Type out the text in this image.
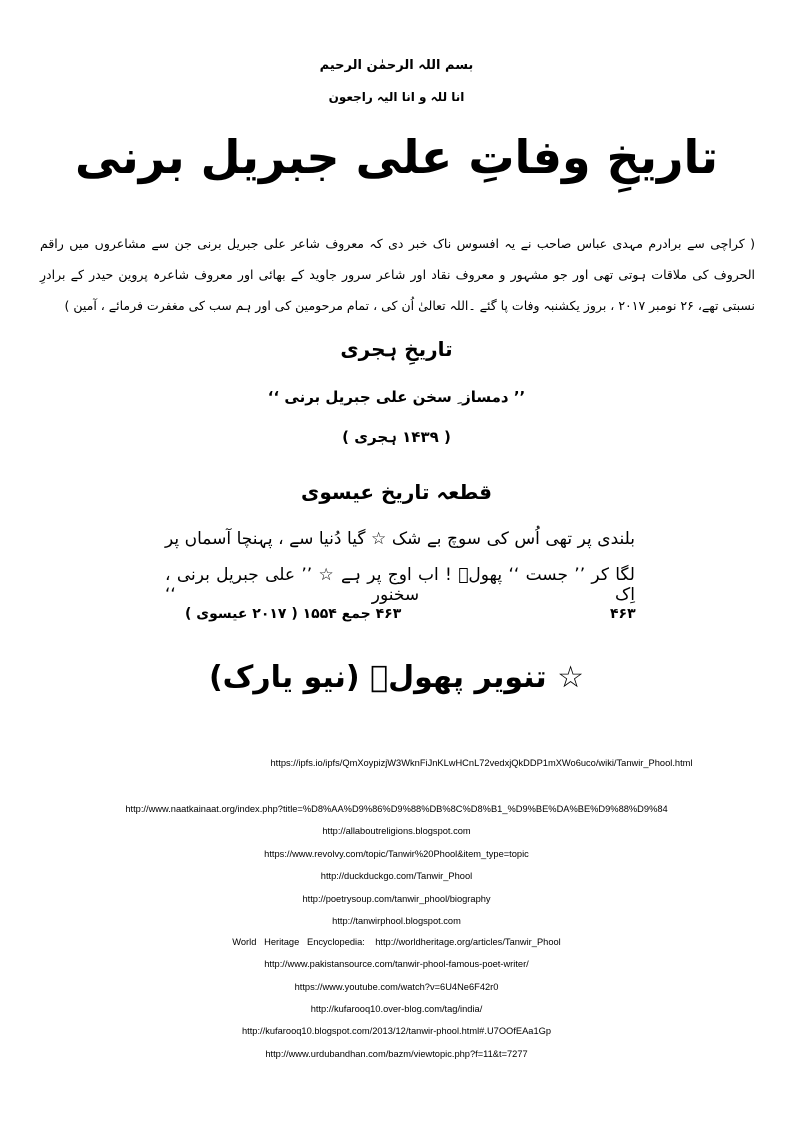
بسم اللہ الرحمٰن الرحیم
انا للہ و انا الیہ راجعون
تاریخِ وفاتِ علی جبریل برنی
( کراچی سے برادرم مہدی عباس صاحب نے یہ افسوس ناک خبر دی کہ معروف شاعر علی جبریل برنی جن سے مشاعروں میں راقم الحروف کی ملاقات ہوتی تھی اور جو مشہور و معروف نقاد اور شاعر سرور جاوید کے بھائی اور معروف شاعرہ پروین حیدر کے برادرِ نسبتی تھے، ۲۶ نومبر ۲۰۱۷ ، بروز یکشنبہ وفات پا گئے ۔اللہ تعالیٰ اُن کی ، تمام مرحومین کی اور ہم سب کی مغفرت فرمائے ، آمین )
تاریخِ ہجری
’’ دمساز ِ سخن علی جبریل برنی ‘‘
( ۱۴۳۹ ہجری )
قطعہ تاریخ عیسوی
بلندی پر تھی اُس کی سوچ بے شک ☆ گیا دُنیا سے ، پہنچا آسماں پر
لگا کر ’’ جست ‘‘ پھولؔ ! اب اوج پر ہے ☆ ’’ علی جبریل برنی ، اِک سخنور ‘‘
۴۶۳ جمع ۱۵۵۴ ( ۲۰۱۷ عیسوی )	۴۶۳
☆ تنویر پھولؔ (نیو یارک)
https://ipfs.io/ipfs/QmXoypizjW3WknFiJnKLwHCnL72vedxjQkDDP1mXWo6uco/wiki/Tanwir_Phool.html
http://www.naatkainaat.org/index.php?title=%D8%AA%D9%86%D9%88%DB%8C%D8%B1_%D9%BE%DA%BE%D9%88%D9%84
http://allaboutreligions.blogspot.com
https://www.revolvy.com/topic/Tanwir%20Phool&item_type=topic
http://duckduckgo.com/Tanwir_Phool
http://poetrysoup.com/tanwir_phool/biography
http://tanwirphool.blogspot.com
World   Heritage   Encyclopedia:    http://worldheritage.org/articles/Tanwir_Phool
http://www.pakistansource.com/tanwir-phool-famous-poet-writer/
https://www.youtube.com/watch?v=6U4Ne6F42r0
http://kufarooq10.over-blog.com/tag/india/
http://kufarooq10.blogspot.com/2013/12/tanwir-phool.html#.U7OOfEAa1Gp
http://www.urdubandhan.com/bazm/viewtopic.php?f=11&t=7277
